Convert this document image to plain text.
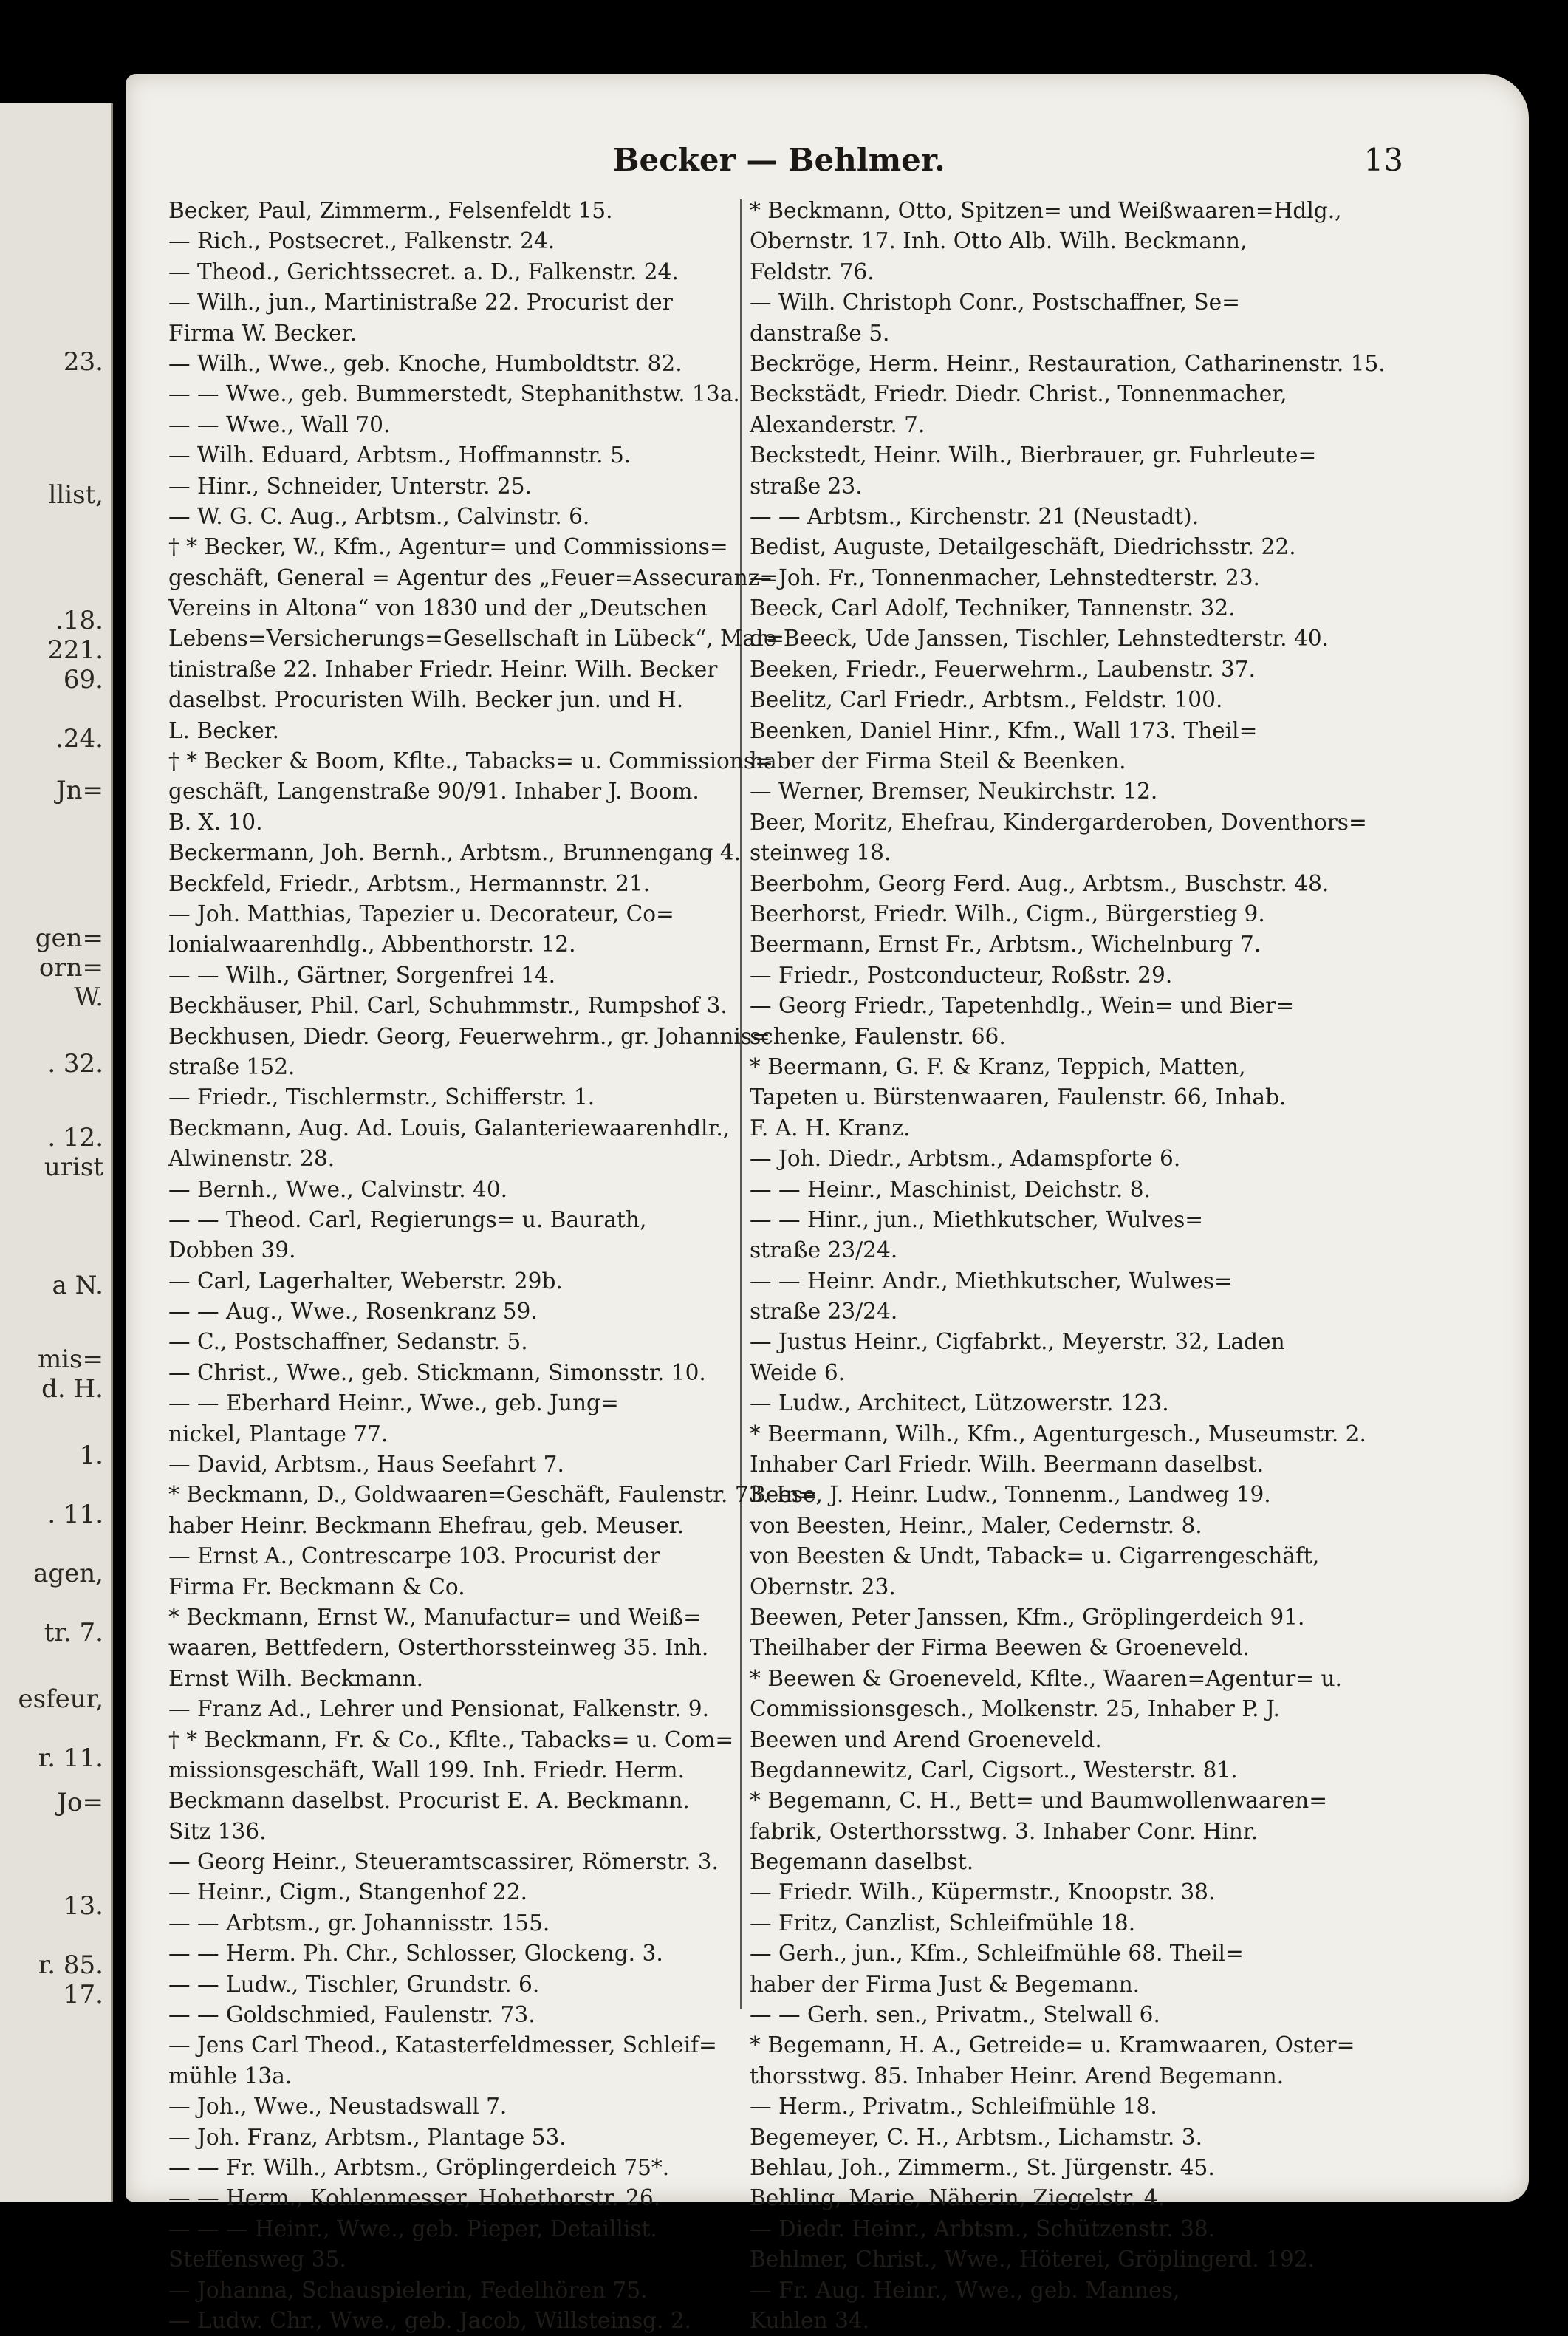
23.
llist,
.18.
221.
69.
.24.
Jn=
gen=
orn=
W.
. 32.
. 12.
urist
a N.
mis=
d. H.
1.
. 11.
agen,
tr. 7.
esfeur,
r. 11.
Jo=
13.
r. 85.
17.
Becker — Behlmer.	13
Becker, Paul, Zimmerm., Felsenfeldt 15.
— Rich., Postsecret., Falkenstr. 24.
— Theod., Gerichtssecret. a. D., Falkenstr. 24.
— Wilh., jun., Martinistraße 22. Procurist der
Firma W. Becker.
— Wilh., Wwe., geb. Knoche, Humboldtstr. 82.
— — Wwe., geb. Bummerstedt, Stephanithstw. 13a.
— — Wwe., Wall 70.
— Wilh. Eduard, Arbtsm., Hoffmannstr. 5.
— Hinr., Schneider, Unterstr. 25.
— W. G. C. Aug., Arbtsm., Calvinstr. 6.
† * Becker, W., Kfm., Agentur= und Commissions=
geschäft, General = Agentur des „Feuer=Assecuranz=
Vereins in Altona“ von 1830 und der „Deutschen
Lebens=Versicherungs=Gesellschaft in Lübeck“, Mar=
tinistraße 22. Inhaber Friedr. Heinr. Wilh. Becker
daselbst. Procuristen Wilh. Becker jun. und H.
L. Becker.
† * Becker & Boom, Kfltе., Tabacks= u. Commissions=
geschäft, Langenstraße 90/91. Inhaber J. Boom.
B. X. 10.
Beckermann, Joh. Bernh., Arbtsm., Brunnengang 4.
Beckfeld, Friedr., Arbtsm., Hermannstr. 21.
— Joh. Matthias, Tapezier u. Decorateur, Co=
lonialwaarenhdlg., Abbenthorstr. 12.
— — Wilh., Gärtner, Sorgenfrei 14.
Beckhäuser, Phil. Carl, Schuhmmstr., Rumpshof 3.
Beckhusen, Diedr. Georg, Feuerwehrm., gr. Johannis=
straße 152.
— Friedr., Tischlermstr., Schifferstr. 1.
Beckmann, Aug. Ad. Louis, Galanteriewaarenhdlr.,
Alwinenstr. 28.
— Bernh., Wwe., Calvinstr. 40.
— — Theod. Carl, Regierungs= u. Baurath,
Dobben 39.
— Carl, Lagerhalter, Weberstr. 29b.
— — Aug., Wwe., Rosenkranz 59.
— C., Postschaffner, Sedanstr. 5.
— Christ., Wwe., geb. Stickmann, Simonsstr. 10.
— — Eberhard Heinr., Wwe., geb. Jung=
nickel, Plantage 77.
— David, Arbtsm., Haus Seefahrt 7.
* Beckmann, D., Goldwaaren=Geschäft, Faulenstr. 73. In=
haber Heinr. Beckmann Ehefrau, geb. Meuser.
— Ernst A., Contrescarpe 103. Procurist der
Firma Fr. Beckmann & Co.
* Beckmann, Ernst W., Manufactur= und Weiß=
waaren, Bettfedern, Osterthorssteinweg 35. Inh.
Ernst Wilh. Beckmann.
— Franz Ad., Lehrer und Pensionat, Falkenstr. 9.
† * Beckmann, Fr. & Co., Kfltе., Tabacks= u. Com=
missionsgeschäft, Wall 199. Inh. Friedr. Herm.
Beckmann daselbst. Procurist E. A. Beckmann.
Sitz 136.
— Georg Heinr., Steueramtscassirer, Römerstr. 3.
— Heinr., Cigm., Stangenhof 22.
— — Arbtsm., gr. Johannisstr. 155.
— — Herm. Ph. Chr., Schlosser, Glockeng. 3.
— — Ludw., Tischler, Grundstr. 6.
— — Goldschmied, Faulenstr. 73.
— Jens Carl Theod., Katasterfeldmesser, Schleif=
mühle 13a.
— Joh., Wwe., Neustadswall 7.
— Joh. Franz, Arbtsm., Plantage 53.
— — Fr. Wilh., Arbtsm., Gröplingerdeich 75*.
— — Herm., Kohlenmesser, Hohethorstr. 26.
— — — Heinr., Wwe., geb. Pieper, Detaillist.
Steffensweg 35.
— Johanna, Schauspielerin, Fedelhören 75.
— Ludw. Chr., Wwe., geb. Jacob, Willsteinsg. 2.
* Beckmann, Otto, Spitzen= und Weißwaaren=Hdlg.,
Obernstr. 17. Inh. Otto Alb. Wilh. Beckmann,
Feldstr. 76.
— Wilh. Christoph Conr., Postschaffner, Se=
danstraße 5.
Beckröge, Herm. Heinr., Restauration, Catharinenstr. 15.
Beckstädt, Friedr. Diedr. Christ., Tonnenmacher,
Alexanderstr. 7.
Beckstedt, Heinr. Wilh., Bierbrauer, gr. Fuhrleute=
straße 23.
— — Arbtsm., Kirchenstr. 21 (Neustadt).
Bedist, Auguste, Detailgeschäft, Diedrichsstr. 22.
— Joh. Fr., Tonnenmacher, Lehnstedterstr. 23.
Beeck, Carl Adolf, Techniker, Tannenstr. 32.
de Beeck, Ude Janssen, Tischler, Lehnstedterstr. 40.
Beeken, Friedr., Feuerwehrm., Laubenstr. 37.
Beelitz, Carl Friedr., Arbtsm., Feldstr. 100.
Beenken, Daniel Hinr., Kfm., Wall 173. Theil=
haber der Firma Steil & Beenken.
— Werner, Bremser, Neukirchstr. 12.
Beer, Moritz, Ehefrau, Kindergarderoben, Doventhors=
steinweg 18.
Beerbohm, Georg Ferd. Aug., Arbtsm., Buschstr. 48.
Beerhorst, Friedr. Wilh., Cigm., Bürgerstieg 9.
Beermann, Ernst Fr., Arbtsm., Wichelnburg 7.
— Friedr., Postconducteur, Roßstr. 29.
— Georg Friedr., Tapetenhdlg., Wein= und Bier=
schenke, Faulenstr. 66.
* Beermann, G. F. & Kranz, Teppich, Matten,
Tapeten u. Bürstenwaaren, Faulenstr. 66, Inhab.
F. A. H. Kranz.
— Joh. Diedr., Arbtsm., Adamspforte 6.
— — Heinr., Maschinist, Deichstr. 8.
— — Hinr., jun., Miethkutscher, Wulves=
straße 23/24.
— — Heinr. Andr., Miethkutscher, Wulwes=
straße 23/24.
— Justus Heinr., Cigfabrkt., Meyerstr. 32, Laden
Weide 6.
— Ludw., Architect, Lützowerstr. 123.
* Beermann, Wilh., Kfm., Agenturgesch., Museumstr. 2.
Inhaber Carl Friedr. Wilh. Beermann daselbst.
Beese, J. Heinr. Ludw., Tonnenm., Landweg 19.
von Beesten, Heinr., Maler, Cedernstr. 8.
von Beesten & Undt, Taback= u. Cigarrengeschäft,
Obernstr. 23.
Beewen, Peter Janssen, Kfm., Gröplingerdeich 91.
Theilhaber der Firma Beewen & Groeneveld.
* Beewen & Groeneveld, Kfltе., Waaren=Agentur= u.
Commissionsgesch., Molkenstr. 25, Inhaber P. J.
Beewen und Arend Groeneveld.
Begdannewitz, Carl, Cigsort., Westerstr. 81.
* Begemann, C. H., Bett= und Baumwollenwaaren=
fabrik, Osterthorsstwg. 3. Inhaber Conr. Hinr.
Begemann daselbst.
— Friedr. Wilh., Küpermstr., Knoopstr. 38.
— Fritz, Canzlist, Schleifmühle 18.
— Gerh., jun., Kfm., Schleifmühle 68. Theil=
haber der Firma Just & Begemann.
— — Gerh. sen., Privatm., Stelwall 6.
* Begemann, H. A., Getreide= u. Kramwaaren, Oster=
thorsstwg. 85. Inhaber Heinr. Arend Begemann.
— Herm., Privatm., Schleifmühle 18.
Begemeyer, C. H., Arbtsm., Lichamstr. 3.
Behlau, Joh., Zimmerm., St. Jürgenstr. 45.
Behling, Marie, Näherin, Ziegelstr. 4.
— Diedr. Heinr., Arbtsm., Schützenstr. 38.
Behlmer, Christ., Wwe., Höterei, Gröplingerd. 192.
— Fr. Aug. Heinr., Wwe., geb. Mannes,
Kuhlen 34.
